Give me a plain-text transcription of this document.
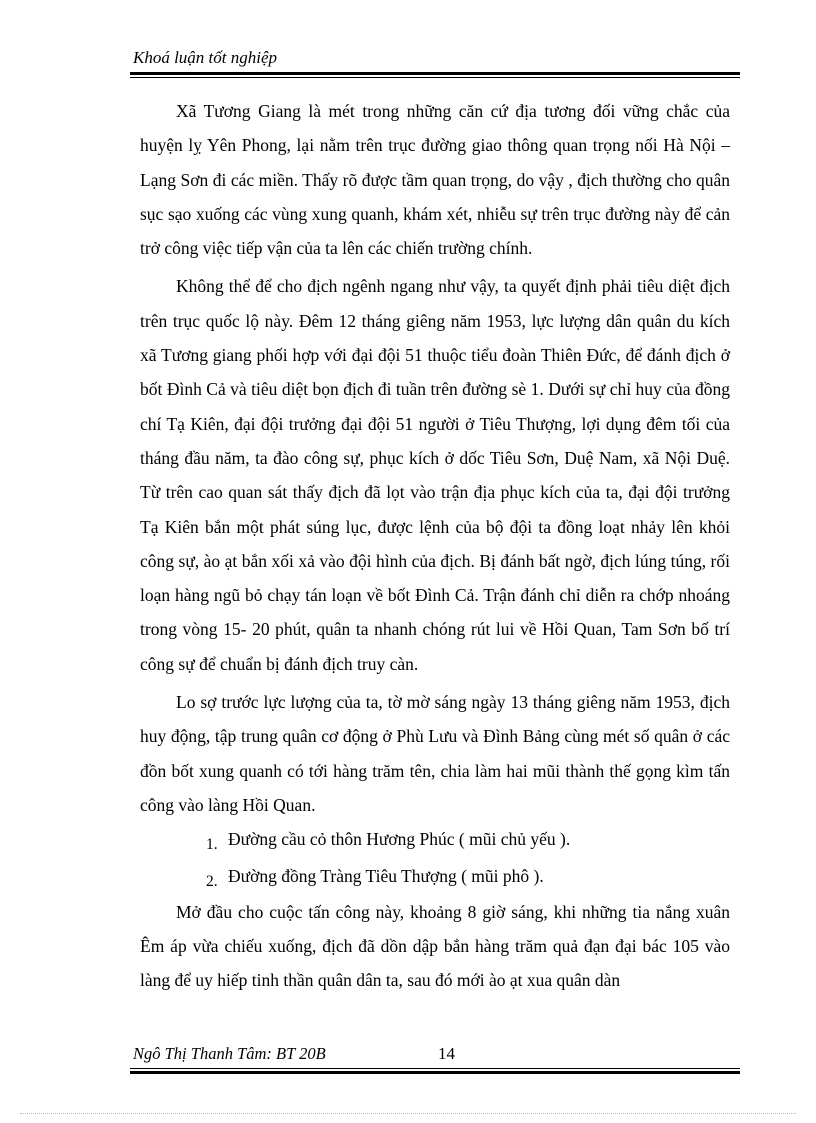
Khoá luận tốt nghiệp

Xã Tương Giang là mét trong những căn cứ địa tương đối vững chắc của huyện lỵ Yên Phong, lại nằm trên trục đường giao thông quan trọng nối Hà Nội – Lạng Sơn đi các miền. Thấy rõ được tầm quan trọng, do vậy , địch thường cho quân sục sạo xuống các vùng xung quanh, khám xét, nhiễu sự trên trục đường này để cản trở công việc tiếp vận của ta lên các chiến trường chính.

Không thể để cho địch ngênh ngang như vậy, ta quyết định phải tiêu diệt địch trên trục quốc lộ này. Đêm 12 tháng giêng năm 1953, lực lượng dân quân du kích xã Tương giang phối hợp với đại đội 51 thuộc tiểu đoàn Thiên Đức, để đánh địch ở bốt Đình Cả và tiêu diệt bọn địch đi tuần trên đường sè 1. Dưới sự chỉ huy của đồng chí Tạ Kiên, đại đội trưởng đại đội 51 người ở Tiêu Thượng, lợi dụng đêm tối của tháng đầu năm, ta đào công sự, phục kích ở dốc Tiêu Sơn, Duệ Nam, xã Nội Duệ. Từ trên cao quan sát thấy địch đã lọt vào trận địa phục kích của ta, đại đội trưởng Tạ Kiên bắn một phát súng lục, được lệnh của bộ đội ta đồng loạt nhảy lên khỏi công sự, ào ạt bắn xối xả vào đội hình của địch. Bị đánh bất ngờ, địch lúng túng, rối loạn hàng ngũ bỏ chạy tán loạn về bốt Đình Cả. Trận đánh chỉ diễn ra chớp nhoáng trong vòng 15- 20 phút, quân ta nhanh chóng rút lui về Hồi Quan, Tam Sơn bố trí công sự để chuẩn bị đánh địch truy càn.

Lo sợ trước lực lượng của ta, tờ mờ sáng ngày 13 tháng giêng năm 1953, địch huy động, tập trung quân cơ động ở Phù Lưu và Đình Bảng cùng mét số quân ở các đồn bốt xung quanh có tới hàng trăm tên, chia làm hai mũi thành thế gọng kìm tấn công vào làng Hồi Quan.

1. Đường cầu cỏ thôn Hương Phúc ( mũi chủ yếu ).
2. Đường đồng Tràng Tiêu Thượng ( mũi phô ).

Mở đầu cho cuộc tấn công này, khoảng 8 giờ sáng, khi những tia nắng xuân Êm áp vừa chiếu xuống, địch đã dồn dập bắn hàng trăm quả đạn đại bác 105 vào làng để uy hiếp tinh thần quân dân ta, sau đó mới ào ạt xua quân dàn

Ngô Thị Thanh Tâm: BT 20B	14
